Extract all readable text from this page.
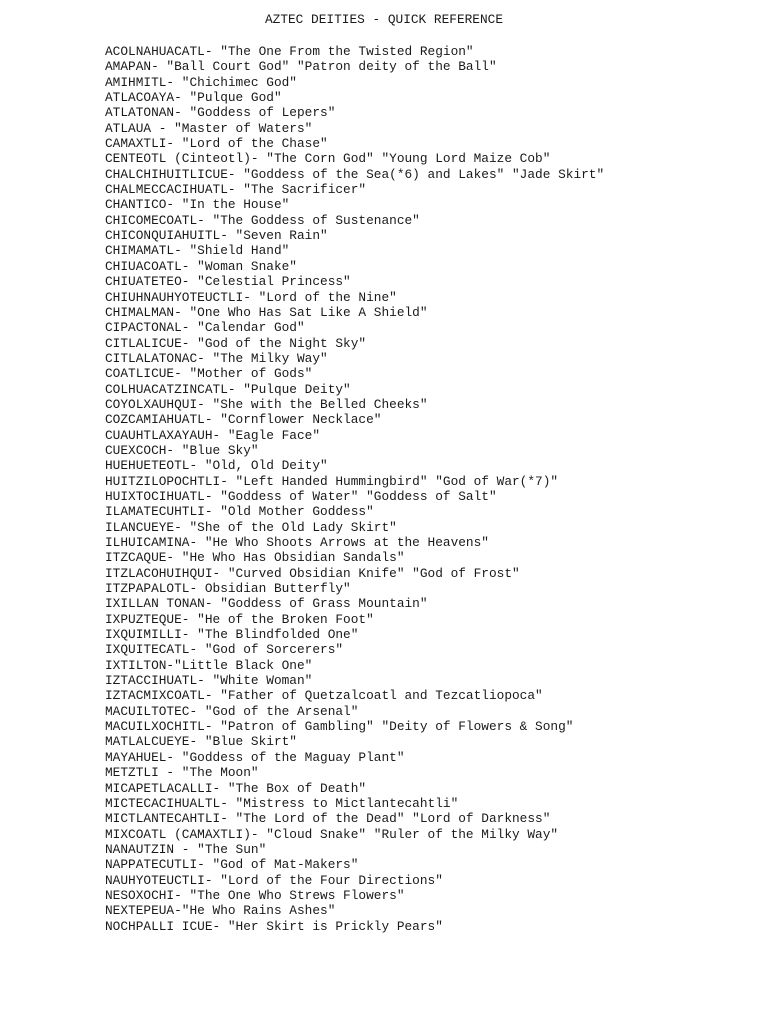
AZTEC DEITIES - QUICK REFERENCE
ACOLNAHUACATL- "The One From the Twisted Region"
AMAPAN- "Ball Court God" "Patron deity of the Ball"
AMIHMITL- "Chichimec God"
ATLACOAYA- "Pulque God"
ATLATONAN- "Goddess of Lepers"
ATLAUA - "Master of Waters"
CAMAXTLI- "Lord of the Chase"
CENTEOTL (Cinteotl)- "The Corn God" "Young Lord Maize Cob"
CHALCHIHUITLICUE- "Goddess of the Sea(*6) and Lakes" "Jade Skirt"
CHALMECCACIHUATL- "The Sacrificer"
CHANTICO- "In the House"
CHICOMECOATL- "The Goddess of Sustenance"
CHICONQUIAHUITL- "Seven Rain"
CHIMAMATL- "Shield Hand"
CHIUACOATL- "Woman Snake"
CHIUATETEO- "Celestial Princess"
CHIUHNAUHYOTEUCTLI- "Lord of the Nine"
CHIMALMAN- "One Who Has Sat Like A Shield"
CIPACTONAL- "Calendar God"
CITLALICUE- "God of the Night Sky"
CITLALATONAC- "The Milky Way"
COATLICUE- "Mother of Gods"
COLHUACATZINCATL- "Pulque Deity"
COYOLXAUHQUI- "She with the Belled Cheeks"
COZCAMIAHUATL- "Cornflower Necklace"
CUAUHTLAXAYAUH- "Eagle Face"
CUEXCOCH- "Blue Sky"
HUEHUETEOTL- "Old, Old Deity"
HUITZILOPOCHTLI- "Left Handed Hummingbird" "God of War(*7)"
HUIXTOCIHUATL- "Goddess of Water" "Goddess of Salt"
ILAMATECUHTLI- "Old Mother Goddess"
ILANCUEYE- "She of the Old Lady Skirt"
ILHUICAMINA- "He Who Shoots Arrows at the Heavens"
ITZCAQUE- "He Who Has Obsidian Sandals"
ITZLACOHUIHQUI- "Curved Obsidian Knife" "God of Frost"
ITZPAPALOTL- Obsidian Butterfly"
IXILLAN TONAN- "Goddess of Grass Mountain"
IXPUZTEQUE- "He of the Broken Foot"
IXQUIMILLI- "The Blindfolded One"
IXQUITECATL- "God of Sorcerers"
IXTILTON-"Little Black One"
IZTACCIHUATL- "White Woman"
IZTACMIXCOATL- "Father of Quetzalcoatl and Tezcatliopoca"
MACUILTOTEC- "God of the Arsenal"
MACUILXOCHITL- "Patron of Gambling" "Deity of Flowers & Song"
MATLALCUEYE- "Blue Skirt"
MAYAHUEL- "Goddess of the Maguay Plant"
METZTLI - "The Moon"
MICAPETLACALLI- "The Box of Death"
MICTECACIHUALTL- "Mistress to Mictlantecahtli"
MICTLANTECAHTLI- "The Lord of the Dead" "Lord of Darkness"
MIXCOATL (CAMAXTLI)- "Cloud Snake" "Ruler of the Milky Way"
NANAUTZIN - "The Sun"
NAPPATECUTLI- "God of Mat-Makers"
NAUHYOTEUCTLI- "Lord of the Four Directions"
NESOXOCHI- "The One Who Strews Flowers"
NEXTEPEUA-"He Who Rains Ashes"
NOCHPALLI ICUE- "Her Skirt is Prickly Pears"
